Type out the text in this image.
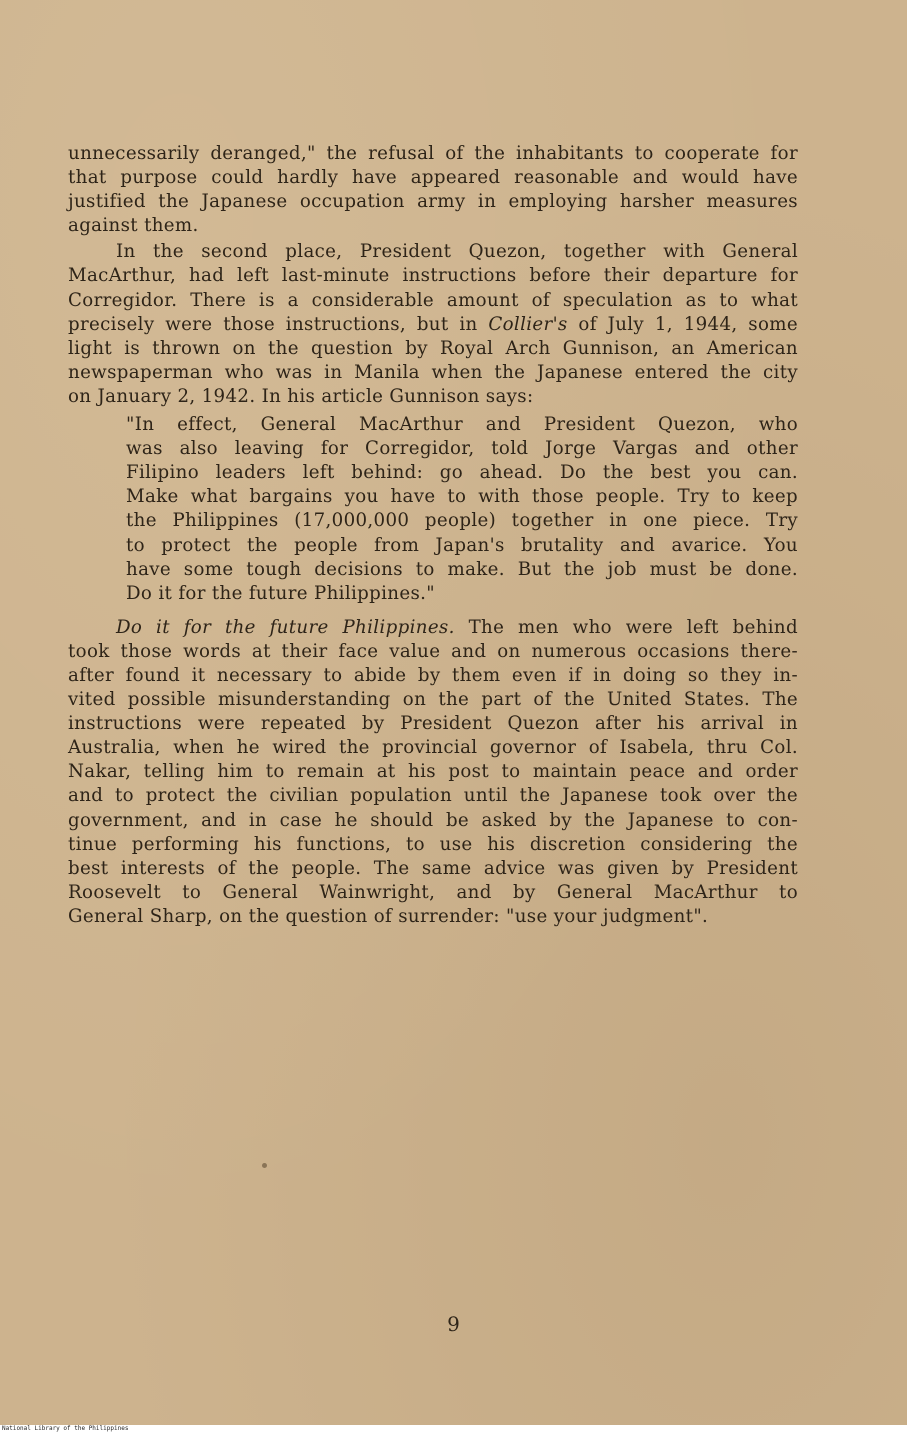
unnecessarily deranged," the refusal of the inhabitants to cooperate for
that purpose could hardly have appeared reasonable and would have
justified the Japanese occupation army in employing harsher measures
against them.
In the second place, President Quezon, together with General
MacArthur, had left last-minute instructions before their departure for
Corregidor. There is a considerable amount of speculation as to what
precisely were those instructions, but in Collier's of July 1, 1944, some
light is thrown on the question by Royal Arch Gunnison, an American
newspaperman who was in Manila when the Japanese entered the city
on January 2, 1942. In his article Gunnison says:
"In effect, General MacArthur and President Quezon, who
was also leaving for Corregidor, told Jorge Vargas and other
Filipino leaders left behind: go ahead. Do the best you can.
Make what bargains you have to with those people. Try to keep
the Philippines (17,000,000 people) together in one piece. Try
to protect the people from Japan's brutality and avarice. You
have some tough decisions to make. But the job must be done.
Do it for the future Philippines."
Do it for the future Philippines. The men who were left behind
took those words at their face value and on numerous occasions there-
after found it necessary to abide by them even if in doing so they in-
vited possible misunderstanding on the part of the United States. The
instructions were repeated by President Quezon after his arrival in
Australia, when he wired the provincial governor of Isabela, thru Col.
Nakar, telling him to remain at his post to maintain peace and order
and to protect the civilian population until the Japanese took over the
government, and in case he should be asked by the Japanese to con-
tinue performing his functions, to use his discretion considering the
best interests of the people. The same advice was given by President
Roosevelt to General Wainwright, and by General MacArthur to
General Sharp, on the question of surrender: "use your judgment".
9
National Library of the Philippines
